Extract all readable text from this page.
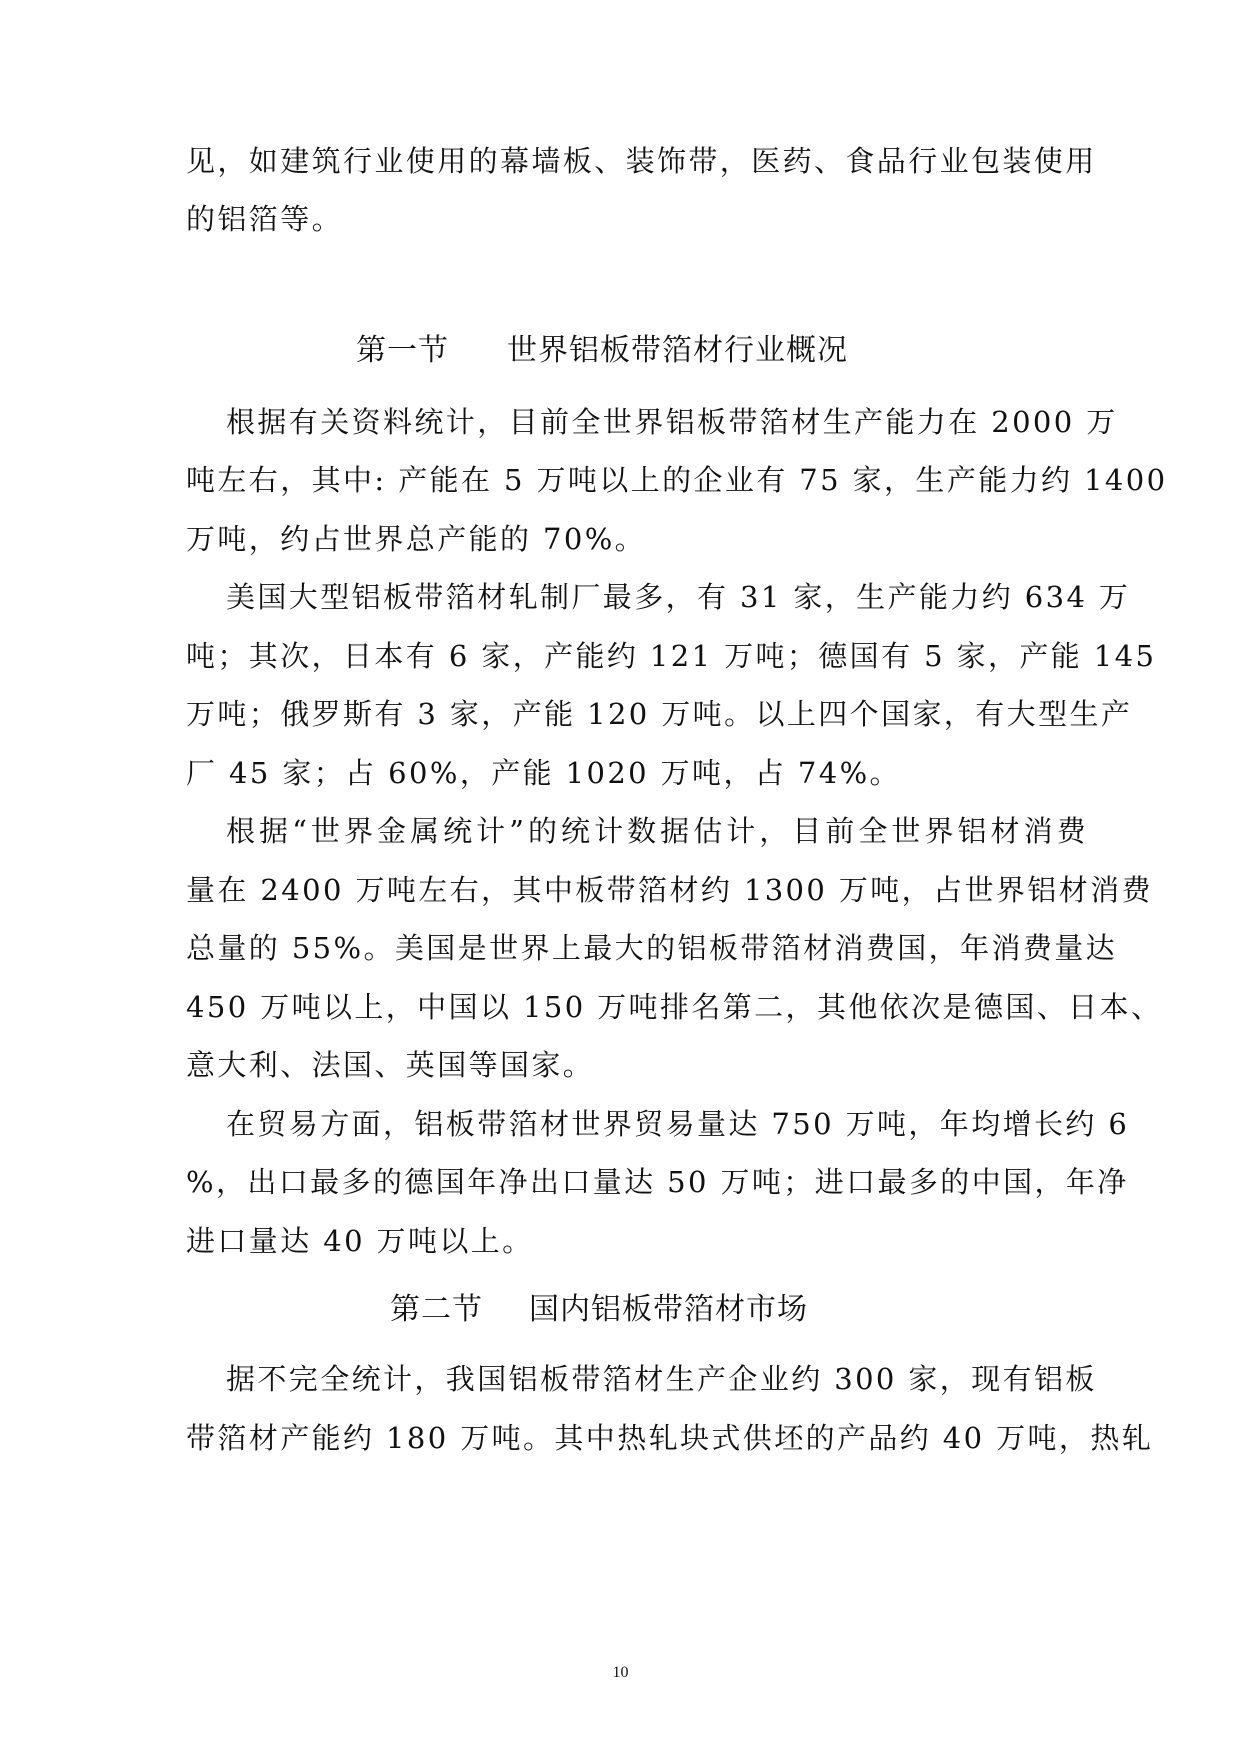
见，如建筑行业使用的幕墙板、装饰带，医药、食品行业包装使用
的铝箔等。
第一节 世界铝板带箔材行业概况
根据有关资料统计，目前全世界铝板带箔材生产能力在 2000 万
吨左右，其中: 产能在 5 万吨以上的企业有 75 家，生产能力约 1400
万吨，约占世界总产能的 70%。
美国大型铝板带箔材轧制厂最多，有 31 家，生产能力约 634 万
吨；其次，日本有 6 家，产能约 121 万吨；德国有 5 家，产能 145
万吨；俄罗斯有 3 家，产能 120 万吨。以上四个国家，有大型生产
厂 45 家；占 60%，产能 1020 万吨，占 74%。
根据“世界金属统计”的统计数据估计，目前全世界铝材消费
量在 2400 万吨左右，其中板带箔材约 1300 万吨，占世界铝材消费
总量的 55%。美国是世界上最大的铝板带箔材消费国，年消费量达
450 万吨以上，中国以 150 万吨排名第二，其他依次是德国、日本、
意大利、法国、英国等国家。
在贸易方面，铝板带箔材世界贸易量达 750 万吨，年均增长约 6
%，出口最多的德国年净出口量达 50 万吨；进口最多的中国，年净
进口量达 40 万吨以上。
第二节 国内铝板带箔材市场
据不完全统计，我国铝板带箔材生产企业约 300 家，现有铝板
带箔材产能约 180 万吨。其中热轧块式供坯的产品约 40 万吨，热轧
10
